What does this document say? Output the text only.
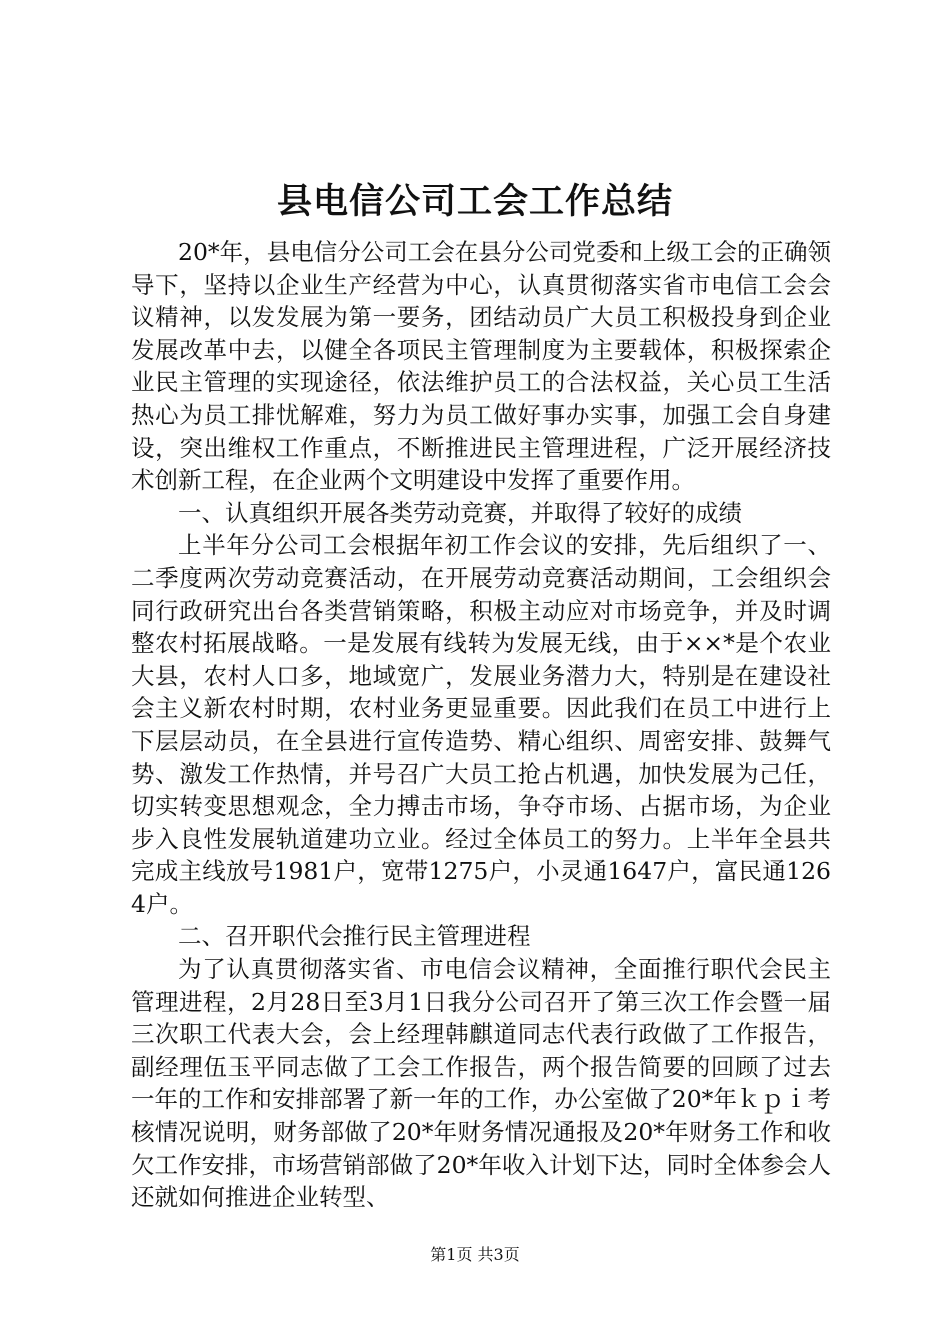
县电信公司工会工作总结

20*年，县电信分公司工会在县分公司党委和上级工会的正确领导下，坚持以企业生产经营为中心，认真贯彻落实省市电信工会会议精神，以发发展为第一要务，团结动员广大员工积极投身到企业发展改革中去，以健全各项民主管理制度为主要载体，积极探索企业民主管理的实现途径，依法维护员工的合法权益，关心员工生活热心为员工排忧解难，努力为员工做好事办实事，加强工会自身建设，突出维权工作重点，不断推进民主管理进程，广泛开展经济技术创新工程，在企业两个文明建设中发挥了重要作用。

一、认真组织开展各类劳动竞赛，并取得了较好的成绩

上半年分公司工会根据年初工作会议的安排，先后组织了一、二季度两次劳动竞赛活动，在开展劳动竞赛活动期间，工会组织会同行政研究出台各类营销策略，积极主动应对市场竞争，并及时调整农村拓展战略。一是发展有线转为发展无线，由于××*是个农业大县，农村人口多，地域宽广，发展业务潜力大，特别是在建设社会主义新农村时期，农村业务更显重要。因此我们在员工中进行上下层层动员，在全县进行宣传造势、精心组织、周密安排、鼓舞气势、激发工作热情，并号召广大员工抢占机遇，加快发展为己任，切实转变思想观念，全力搏击市场，争夺市场、占据市场，为企业步入良性发展轨道建功立业。经过全体员工的努力。上半年全县共完成主线放号1981户，宽带1275户，小灵通1647户，富民通1264户。

二、召开职代会推行民主管理进程

为了认真贯彻落实省、市电信会议精神，全面推行职代会民主管理进程，2月28日至3月1日我分公司召开了第三次工作会暨一届三次职工代表大会，会上经理韩麒道同志代表行政做了工作报告，副经理伍玉平同志做了工会工作报告，两个报告简要的回顾了过去一年的工作和安排部署了新一年的工作，办公室做了20*年ｋｐｉ考核情况说明，财务部做了20*年财务情况通报及20*年财务工作和收欠工作安排，市场营销部做了20*年收入计划下达，同时全体参会人还就如何推进企业转型、

第1页 共3页
